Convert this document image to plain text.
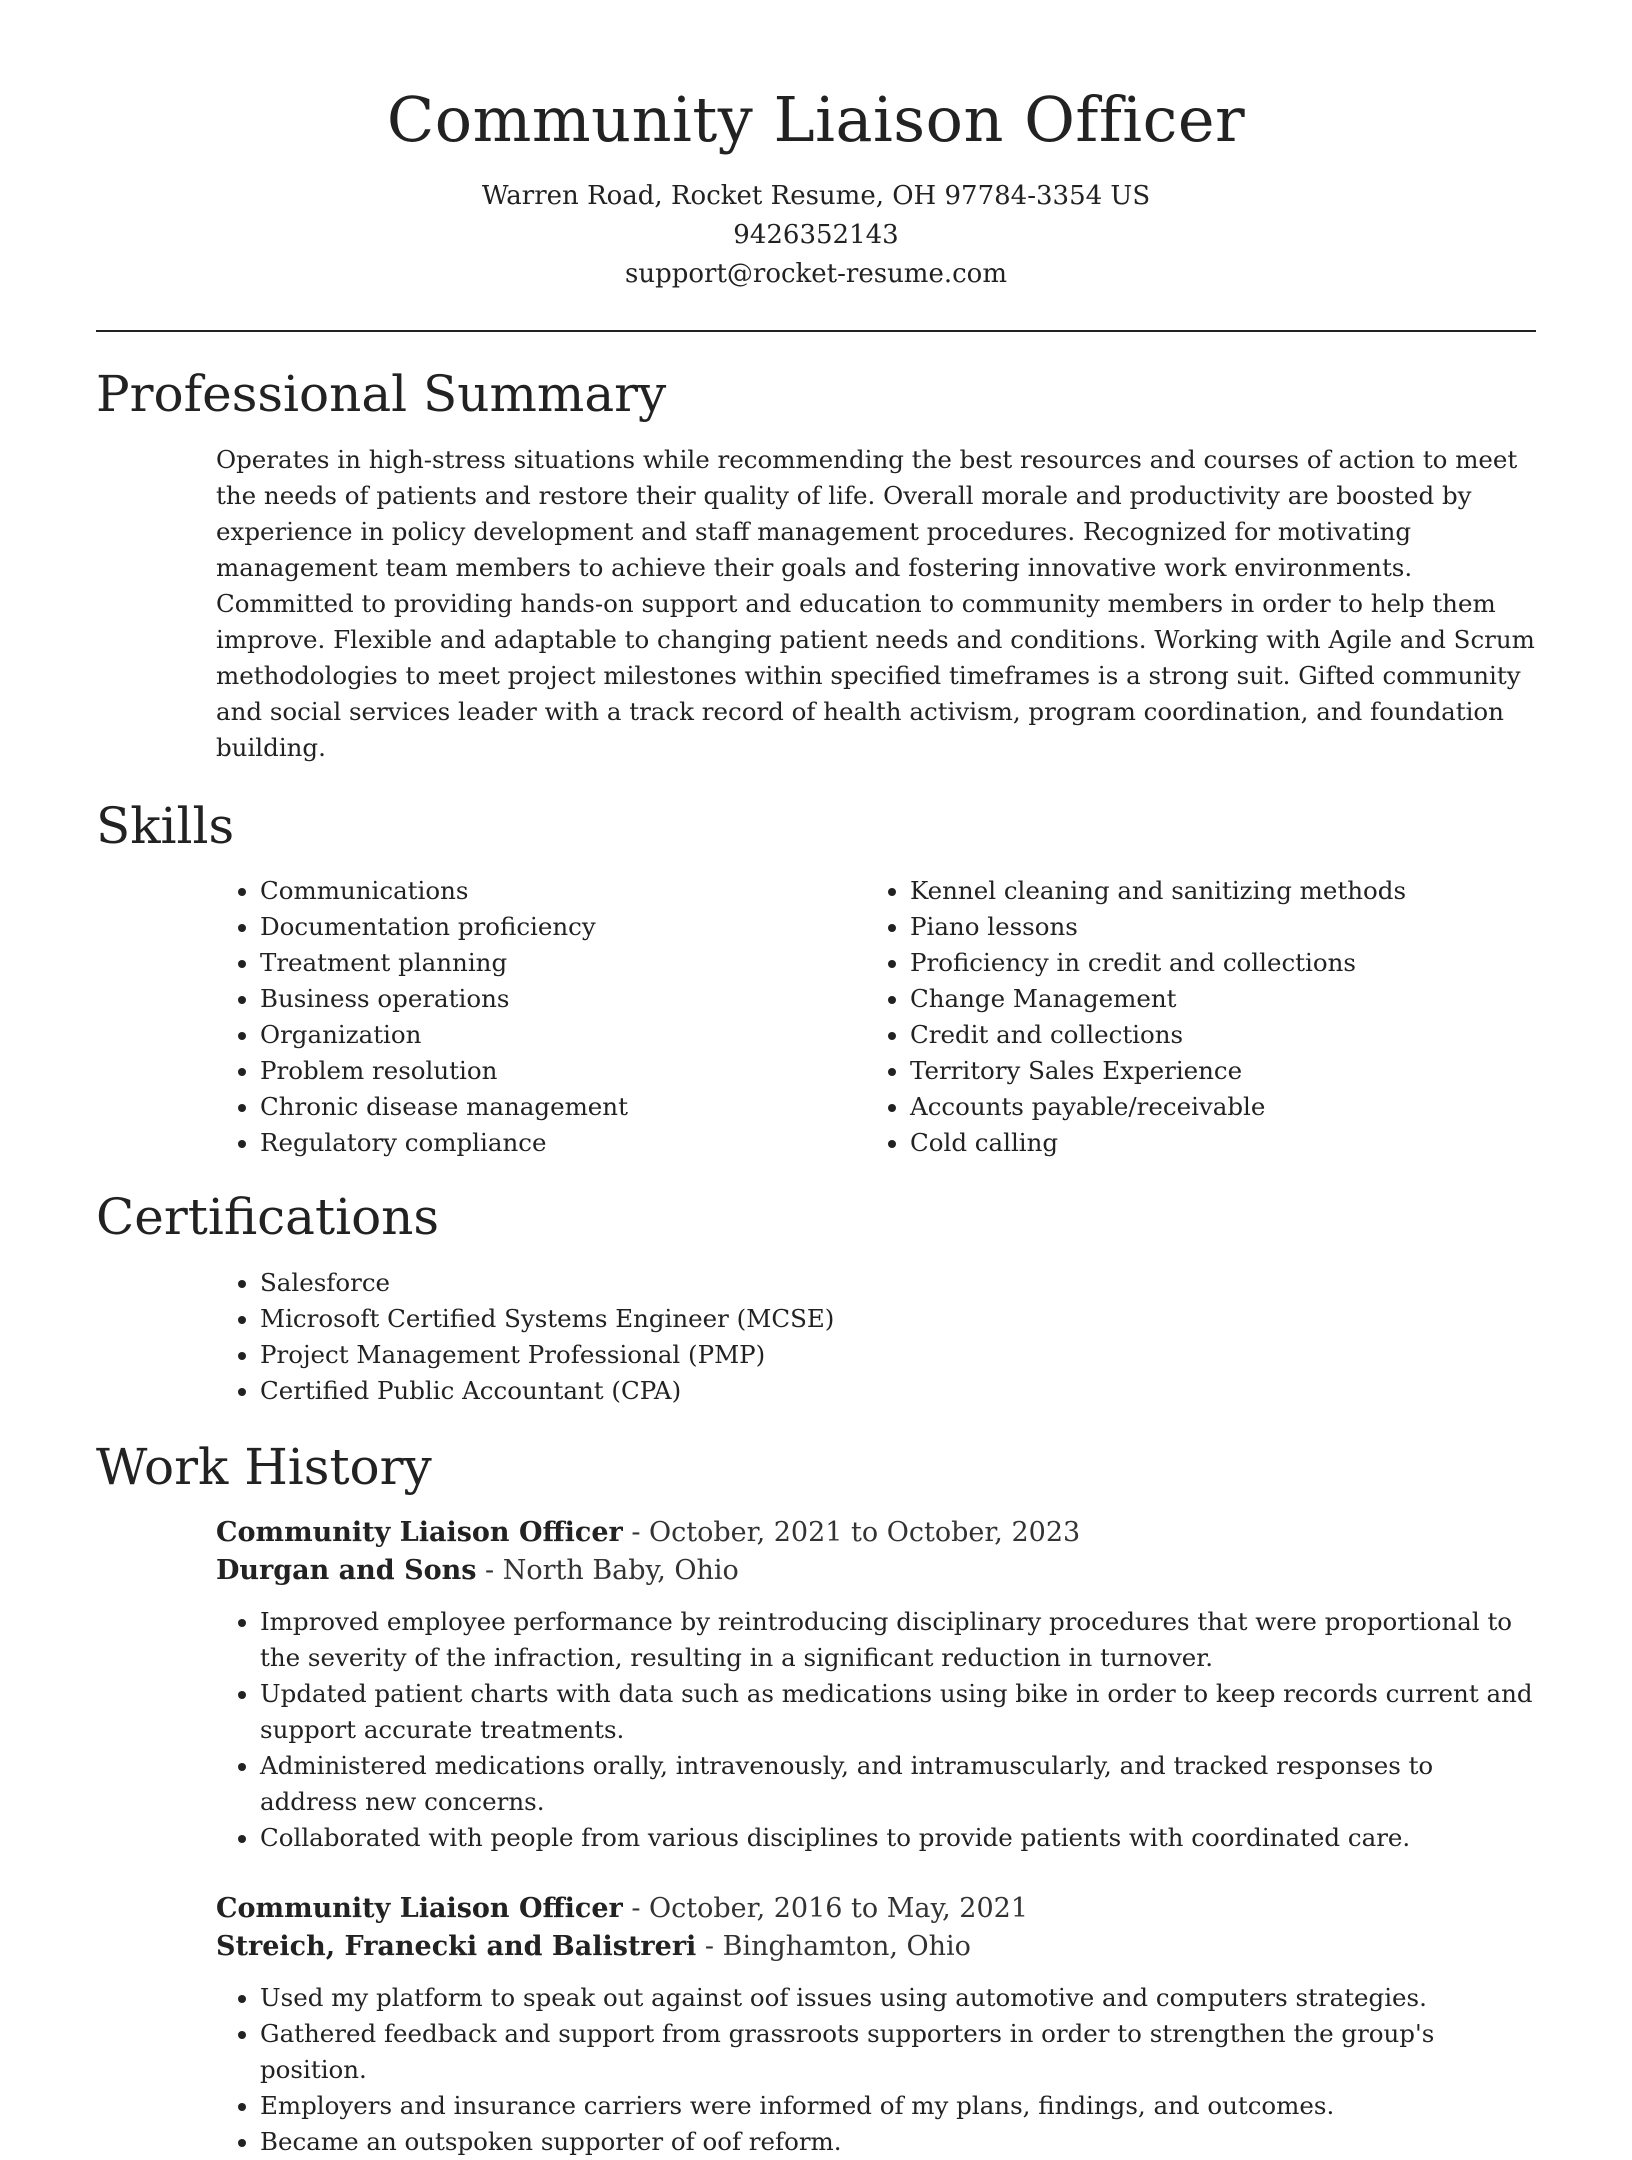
Community Liaison Officer

Warren Road, Rocket Resume, OH 97784-3354 US

9426352143

support@rocket-resume.com

Professional Summary

Operates in high-stress situations while recommending the best resources and courses of action to meet the needs of patients and restore their quality of life. Overall morale and productivity are boosted by experience in policy development and staff management procedures. Recognized for motivating management team members to achieve their goals and fostering innovative work environments. Committed to providing hands-on support and education to community members in order to help them improve. Flexible and adaptable to changing patient needs and conditions. Working with Agile and Scrum methodologies to meet project milestones within specified timeframes is a strong suit. Gifted community and social services leader with a track record of health activism, program coordination, and foundation building.

Skills
• Communications
• Documentation proficiency
• Treatment planning
• Business operations
• Organization
• Problem resolution
• Chronic disease management
• Regulatory compliance
• Kennel cleaning and sanitizing methods
• Piano lessons
• Proficiency in credit and collections
• Change Management
• Credit and collections
• Territory Sales Experience
• Accounts payable/receivable
• Cold calling
Certifications
• Salesforce
• Microsoft Certified Systems Engineer (MCSE)
• Project Management Professional (PMP)
• Certified Public Accountant (CPA)
Work History

Community Liaison Officer - October, 2021 to October, 2023

Durgan and Sons - North Baby, Ohio

• Improved employee performance by reintroducing disciplinary procedures that were proportional to the severity of the infraction, resulting in a significant reduction in turnover.
• Updated patient charts with data such as medications using bike in order to keep records current and support accurate treatments.
• Administered medications orally, intravenously, and intramuscularly, and tracked responses to address new concerns.
• Collaborated with people from various disciplines to provide patients with coordinated care.

Community Liaison Officer - October, 2016 to May, 2021

Streich, Franecki and Balistreri - Binghamton, Ohio

• Used my platform to speak out against oof issues using automotive and computers strategies.
• Gathered feedback and support from grassroots supporters in order to strengthen the group's position.
• Employers and insurance carriers were informed of my plans, findings, and outcomes.
• Became an outspoken supporter of oof reform.
